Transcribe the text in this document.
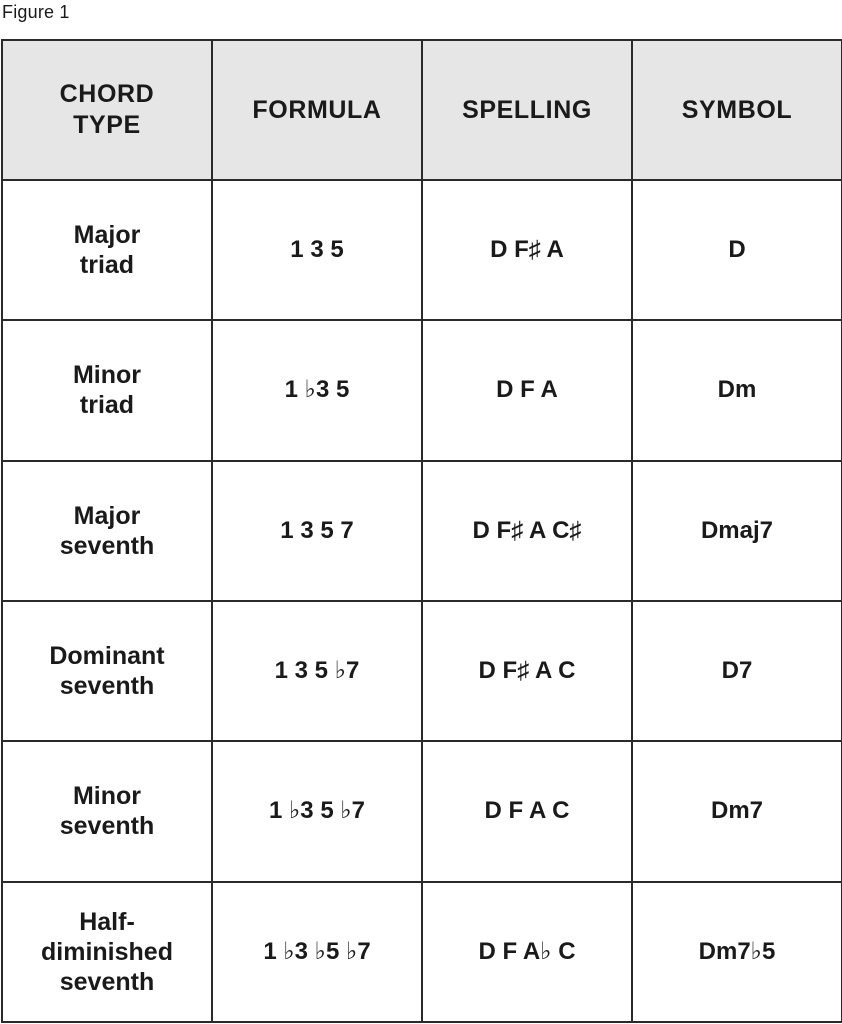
Figure 1
CHORD TYPE	FORMULA	SPELLING	SYMBOL

Major
triad	1 3 5	D F♯ A	D

Minor
triad	1 ♭3 5	D F A	Dm

Major
seventh	1 3 5 7	D F♯ A C♯	Dmaj7

Dominant
seventh	1 3 5 ♭7	D F♯ A C	D7

Minor
seventh	1 ♭3 5 ♭7	D F A C	Dm7

Half-
diminished
seventh	1 ♭3 ♭5 ♭7	D F A♭ C	Dm7♭5
